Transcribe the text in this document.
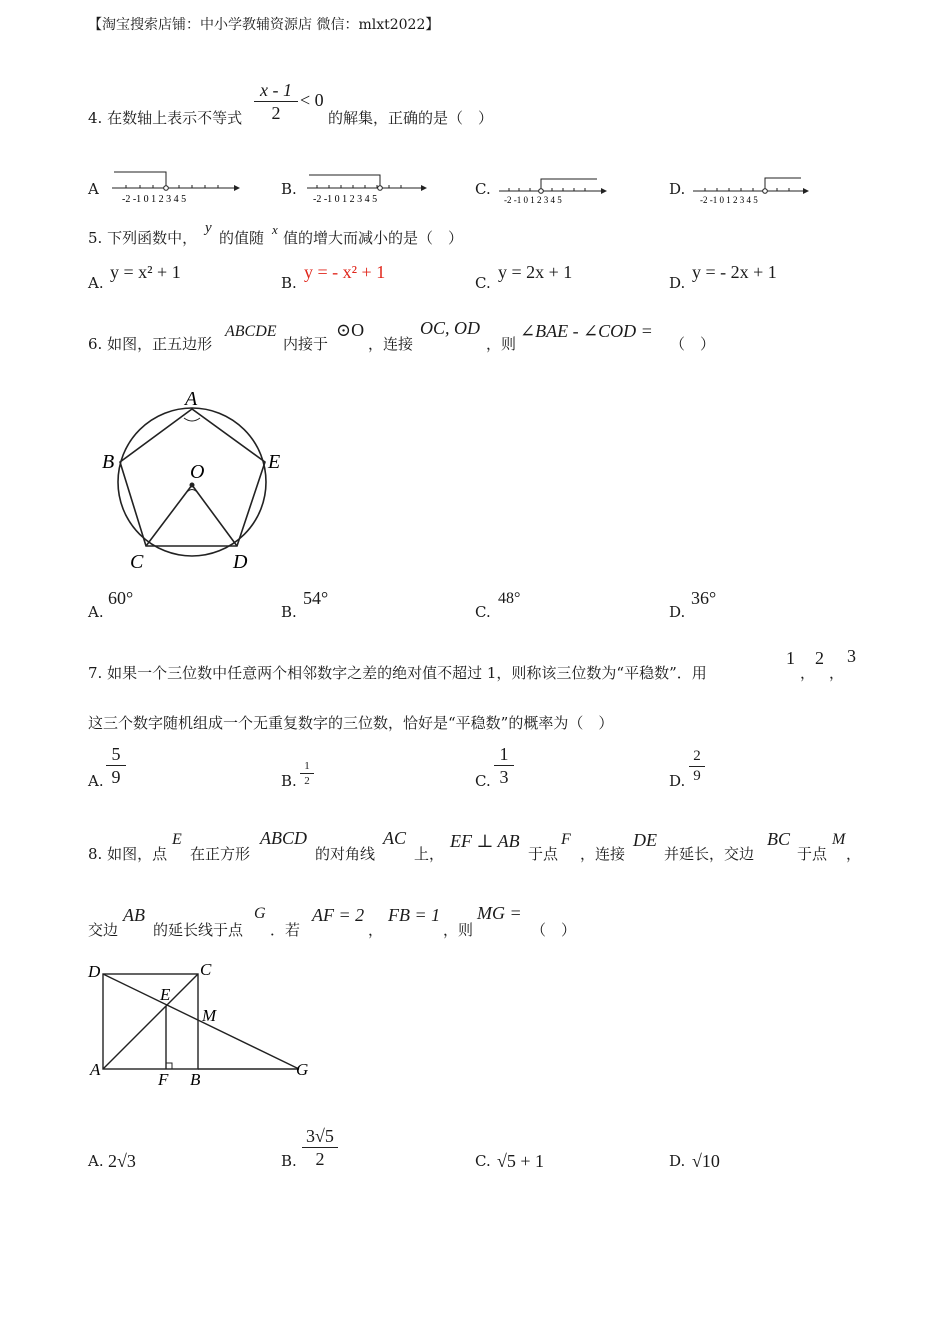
【淘宝搜索店铺：中小学教辅资源店 微信：mlxt2022】
4. 在数轴上表示不等式
x - 1
2
< 0
的解集，正确的是（　）
A
-2 -1 0 1 2 3 4 5
B.
-2 -1 0 1 2 3 4 5
C.
-2 -1 0 1 2 3 4 5
D.
-2 -1 0 1 2 3 4 5
5. 下列函数中，
y
的值随 x 值的增大而减小的是（　）
A.
y = x² + 1
B.
y = - x² + 1
C.
y = 2x + 1
D.
y = - 2x + 1
6. 如图，正五边形
ABCDE
内接于
⊙O
，连接
OC, OD
，则
∠BAE - ∠COD =
（　）
A
B
C	D
E
O
A.
60°
B.
54°
C.
48°
D.
36°
7. 如果一个三位数中任意两个相邻数字之差的绝对值不超过 1，则称该三位数为“平稳数”．用
1
，
2
，
3
这三个数字随机组成一个无重复数字的三位数，恰好是“平稳数”的概率为（　）
A.
5
9	B.
1
2	C.
1
3	D.
2
9
8. 如图，点
E
在正方形
ABCD
的对角线
AC
上，
EF ⊥ AB
于点
F
，连接
DE
并延长，交边
BC
于点
M
，
交边
AB
的延长线于点
G
．若
AF = 2
，
FB = 1
，则
MG =
（　）
D	C
E
M
A
F B
G
A. 2√3	B.
3√5
2	C. √5 + 1	D. √10
